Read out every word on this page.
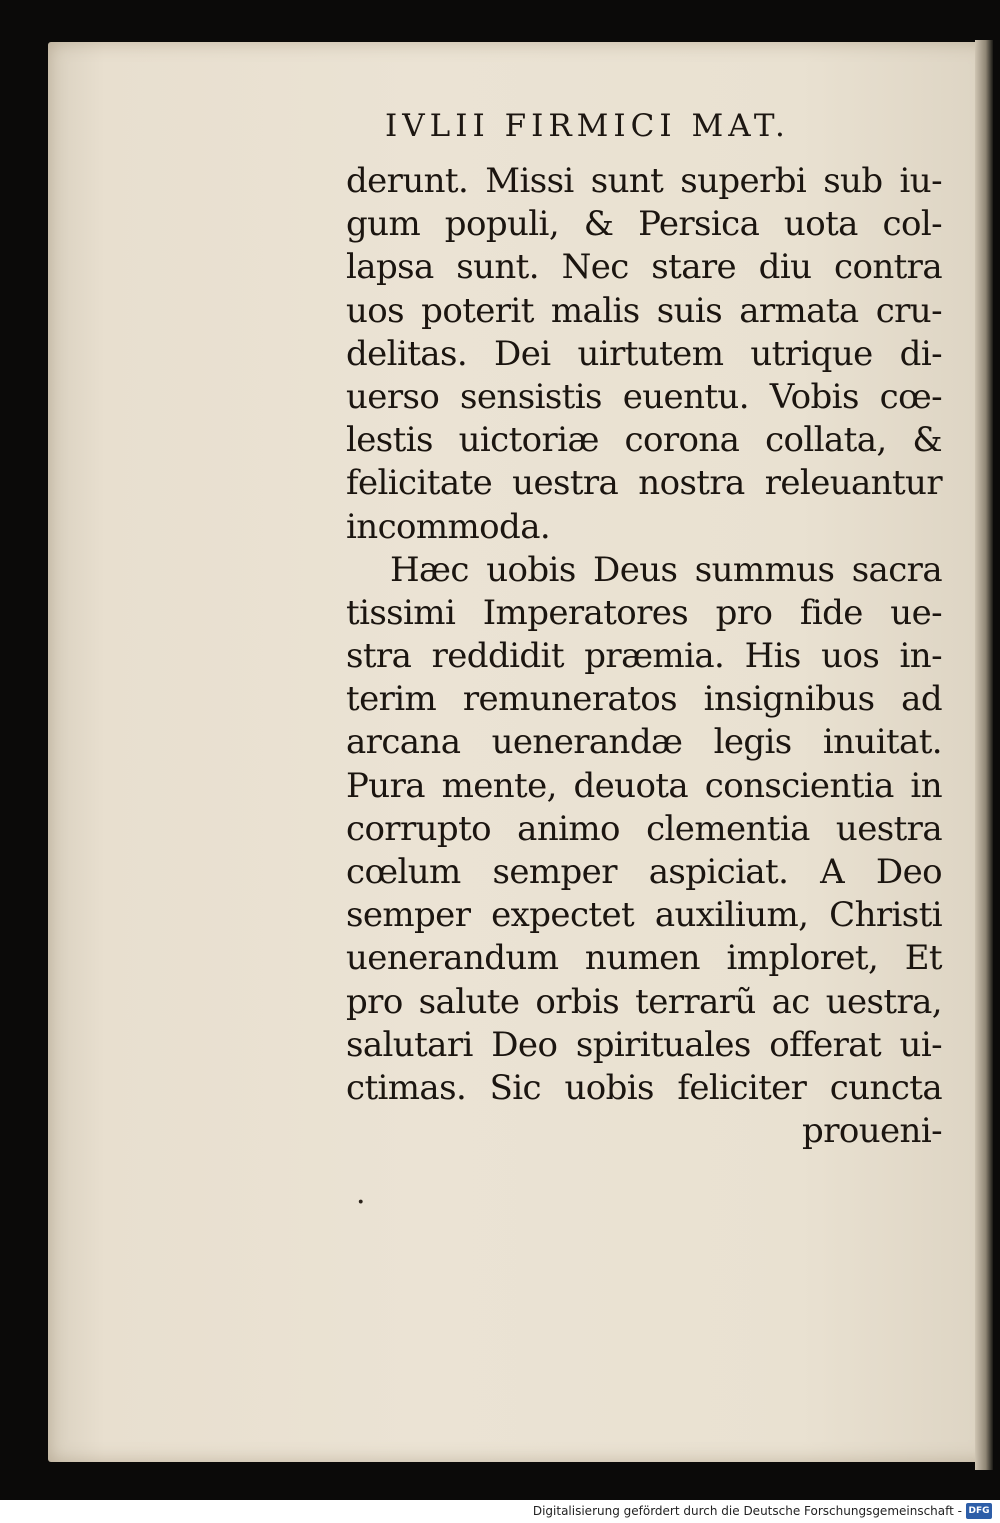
IVLII FIRMICI MAT.
derunt. Missi sunt superbi sub iu-
gum populi, & Persica uota col-
lapsa sunt. Nec stare diu contra
uos poterit malis suis armata cru-
delitas. Dei uirtutem utrique di-
uerso sensistis euentu. Vobis cœ-
lestis uictoriæ corona collata, &
felicitate uestra nostra releuantur
incommoda.
Hæc uobis Deus summus sacra
tissimi Imperatores pro fide ue-
stra reddidit præmia. His uos in-
terim remuneratos insignibus ad
arcana uenerandæ legis inuitat.
Pura mente, deuota conscientia in
corrupto animo clementia uestra
cœlum semper aspiciat. A Deo
semper expectet auxilium, Christi
uenerandum numen imploret, Et
pro salute orbis terrarũ ac uestra,
salutari Deo spirituales offerat ui-
ctimas. Sic uobis feliciter cuncta
proueni-
·
Digitalisierung gefördert durch die Deutsche Forschungsgemeinschaft - DFG
